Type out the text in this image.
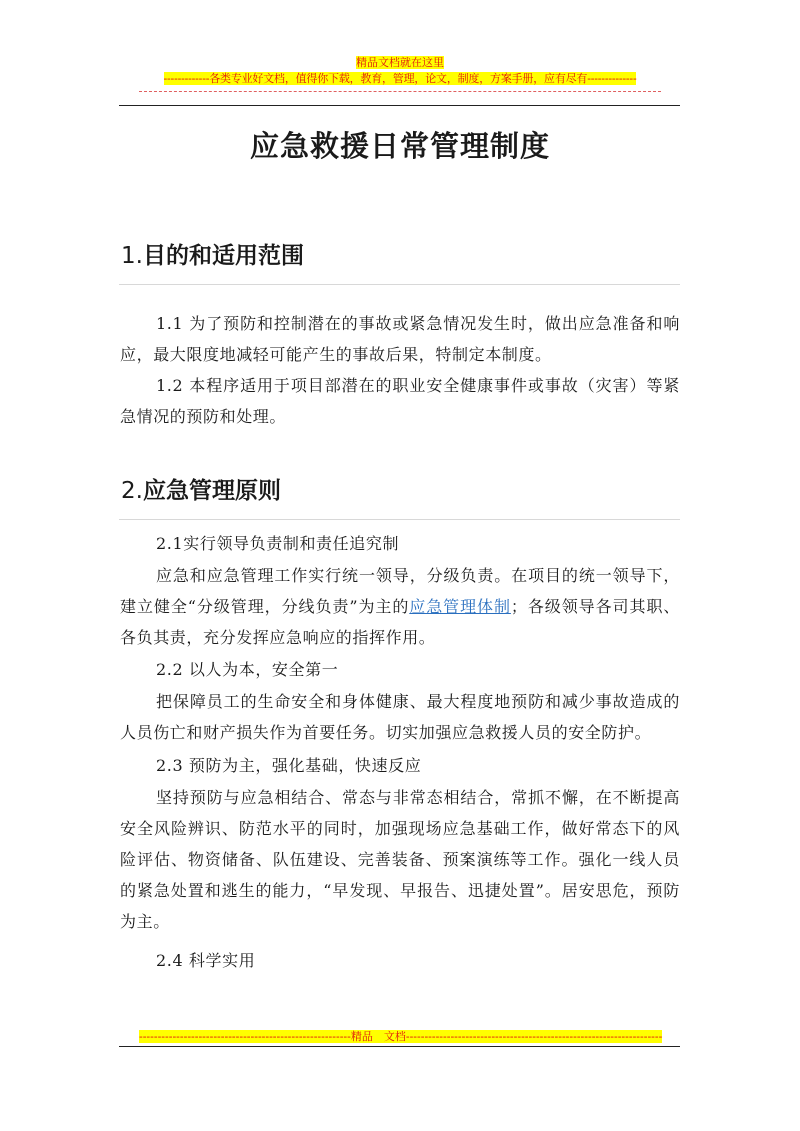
精品文档就在这里
-------------各类专业好文档，值得你下载，教育，管理，论文，制度，方案手册，应有尽有--------------
应急救援日常管理制度
1.目的和适用范围

1.1 为了预防和控制潜在的事故或紧急情况发生时，做出应急准备和响应，最大限度地减轻可能产生的事故后果，特制定本制度。

1.2 本程序适用于项目部潜在的职业安全健康事件或事故（灾害）等紧急情况的预防和处理。

2.应急管理原则

2.1实行领导负责制和责任追究制

应急和应急管理工作实行统一领导，分级负责。在项目的统一领导下，建立健全“分级管理，分线负责”为主的应急管理体制；各级领导各司其职、各负其责，充分发挥应急响应的指挥作用。

2.2 以人为本，安全第一

把保障员工的生命安全和身体健康、最大程度地预防和减少事故造成的人员伤亡和财产损失作为首要任务。切实加强应急救援人员的安全防护。

2.3 预防为主，强化基础，快速反应

坚持预防与应急相结合、常态与非常态相结合，常抓不懈，在不断提高安全风险辨识、防范水平的同时，加强现场应急基础工作，做好常态下的风险评估、物资储备、队伍建设、完善装备、预案演练等工作。强化一线人员的紧急处置和逃生的能力，“早发现、早报告、迅捷处置”。居安思危，预防为主。

2.4 科学实用

---------------------------------------------------------精品　文档---------------------------------------------------------------------
